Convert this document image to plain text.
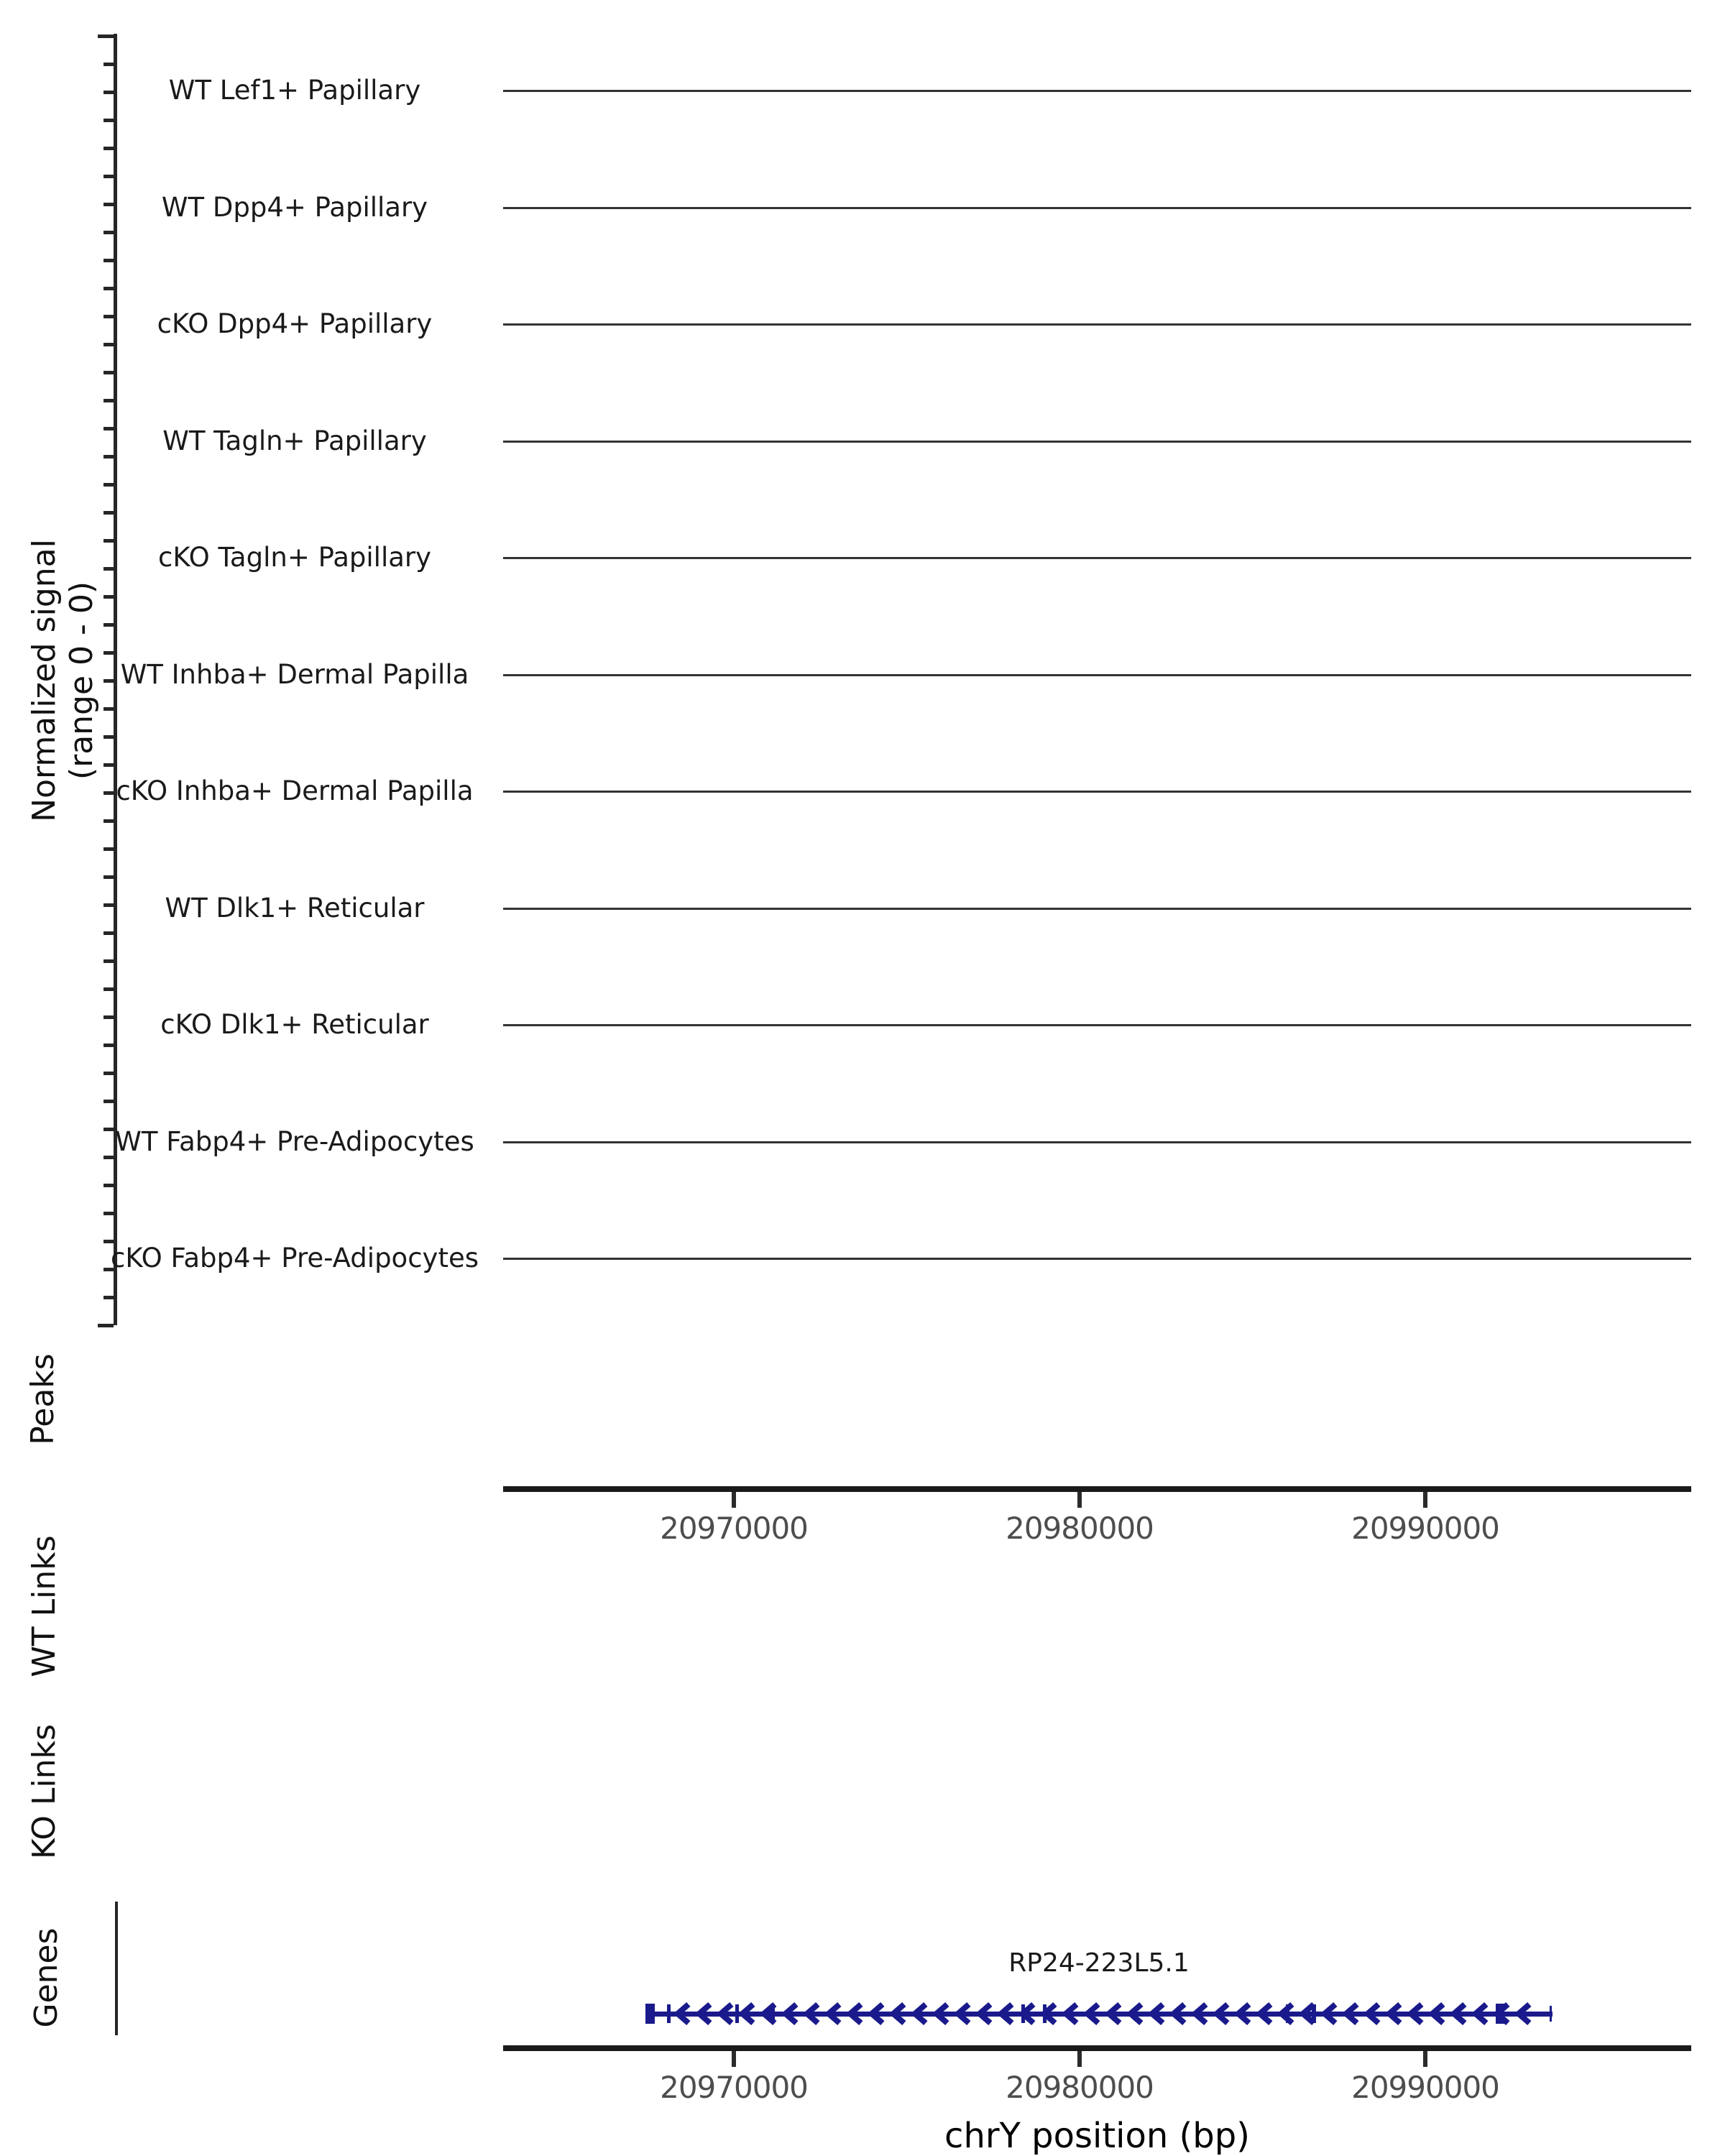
Normalized signal (range 0 - 0)
WT Lef1+ Papillary
WT Dpp4+ Papillary
cKO Dpp4+ Papillary
WT Tagln+ Papillary
cKO Tagln+ Papillary
WT Inhba+ Dermal Papilla
cKO Inhba+ Dermal Papilla
WT Dlk1+ Reticular
cKO Dlk1+ Reticular
WT Fabp4+ Pre-Adipocytes
cKO Fabp4+ Pre-Adipocytes
Peaks
20970000	20980000	20990000
WT Links
KO Links
Genes	RP24-223L5.1
20970000	20980000	20990000
chrY position (bp)
